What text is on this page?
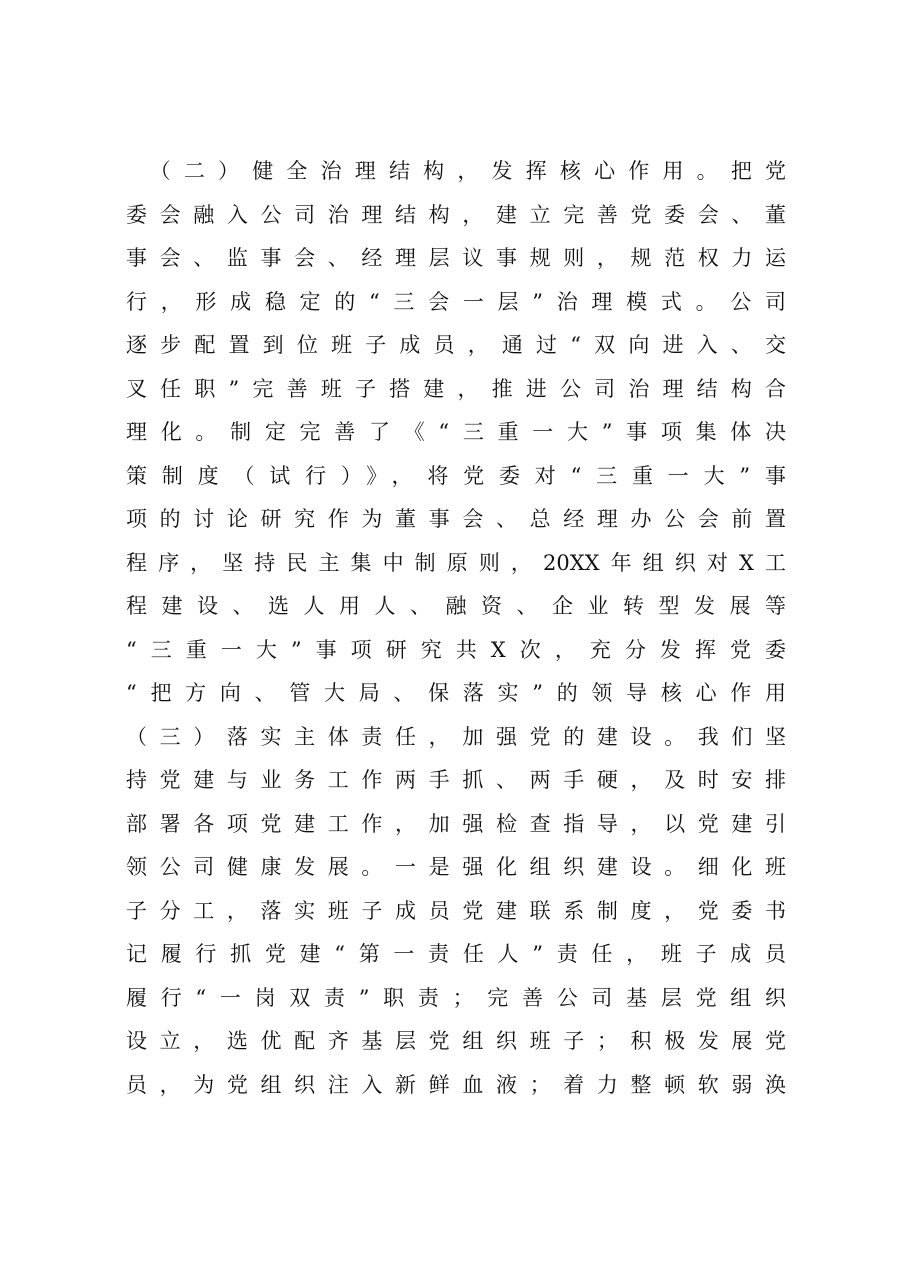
　（二）健全治理结构，发挥核心作用。把党
委会融入公司治理结构，建立完善党委会、董
事会、监事会、经理层议事规则，规范权力运
行，形成稳定的“三会一层”治理模式。公司
逐步配置到位班子成员，通过“双向进入、交
叉任职”完善班子搭建，推进公司治理结构合
理化。制定完善了《“三重一大”事项集体决
策制度（试行）》，将党委对“三重一大”事
项的讨论研究作为董事会、总经理办公会前置
程序，坚持民主集中制原则，20XX年组织对X工
程建设、选人用人、融资、企业转型发展等
“三重一大”事项研究共X次，充分发挥党委
“把方向、管大局、保落实”的领导核心作用
（三）落实主体责任，加强党的建设。我们坚
持党建与业务工作两手抓、两手硬，及时安排
部署各项党建工作，加强检查指导，以党建引
领公司健康发展。一是强化组织建设。细化班
子分工，落实班子成员党建联系制度，党委书
记履行抓党建“第一责任人”责任，班子成员
履行“一岗双责”职责；完善公司基层党组织
设立，选优配齐基层党组织班子；积极发展党
员，为党组织注入新鲜血液；着力整顿软弱涣
